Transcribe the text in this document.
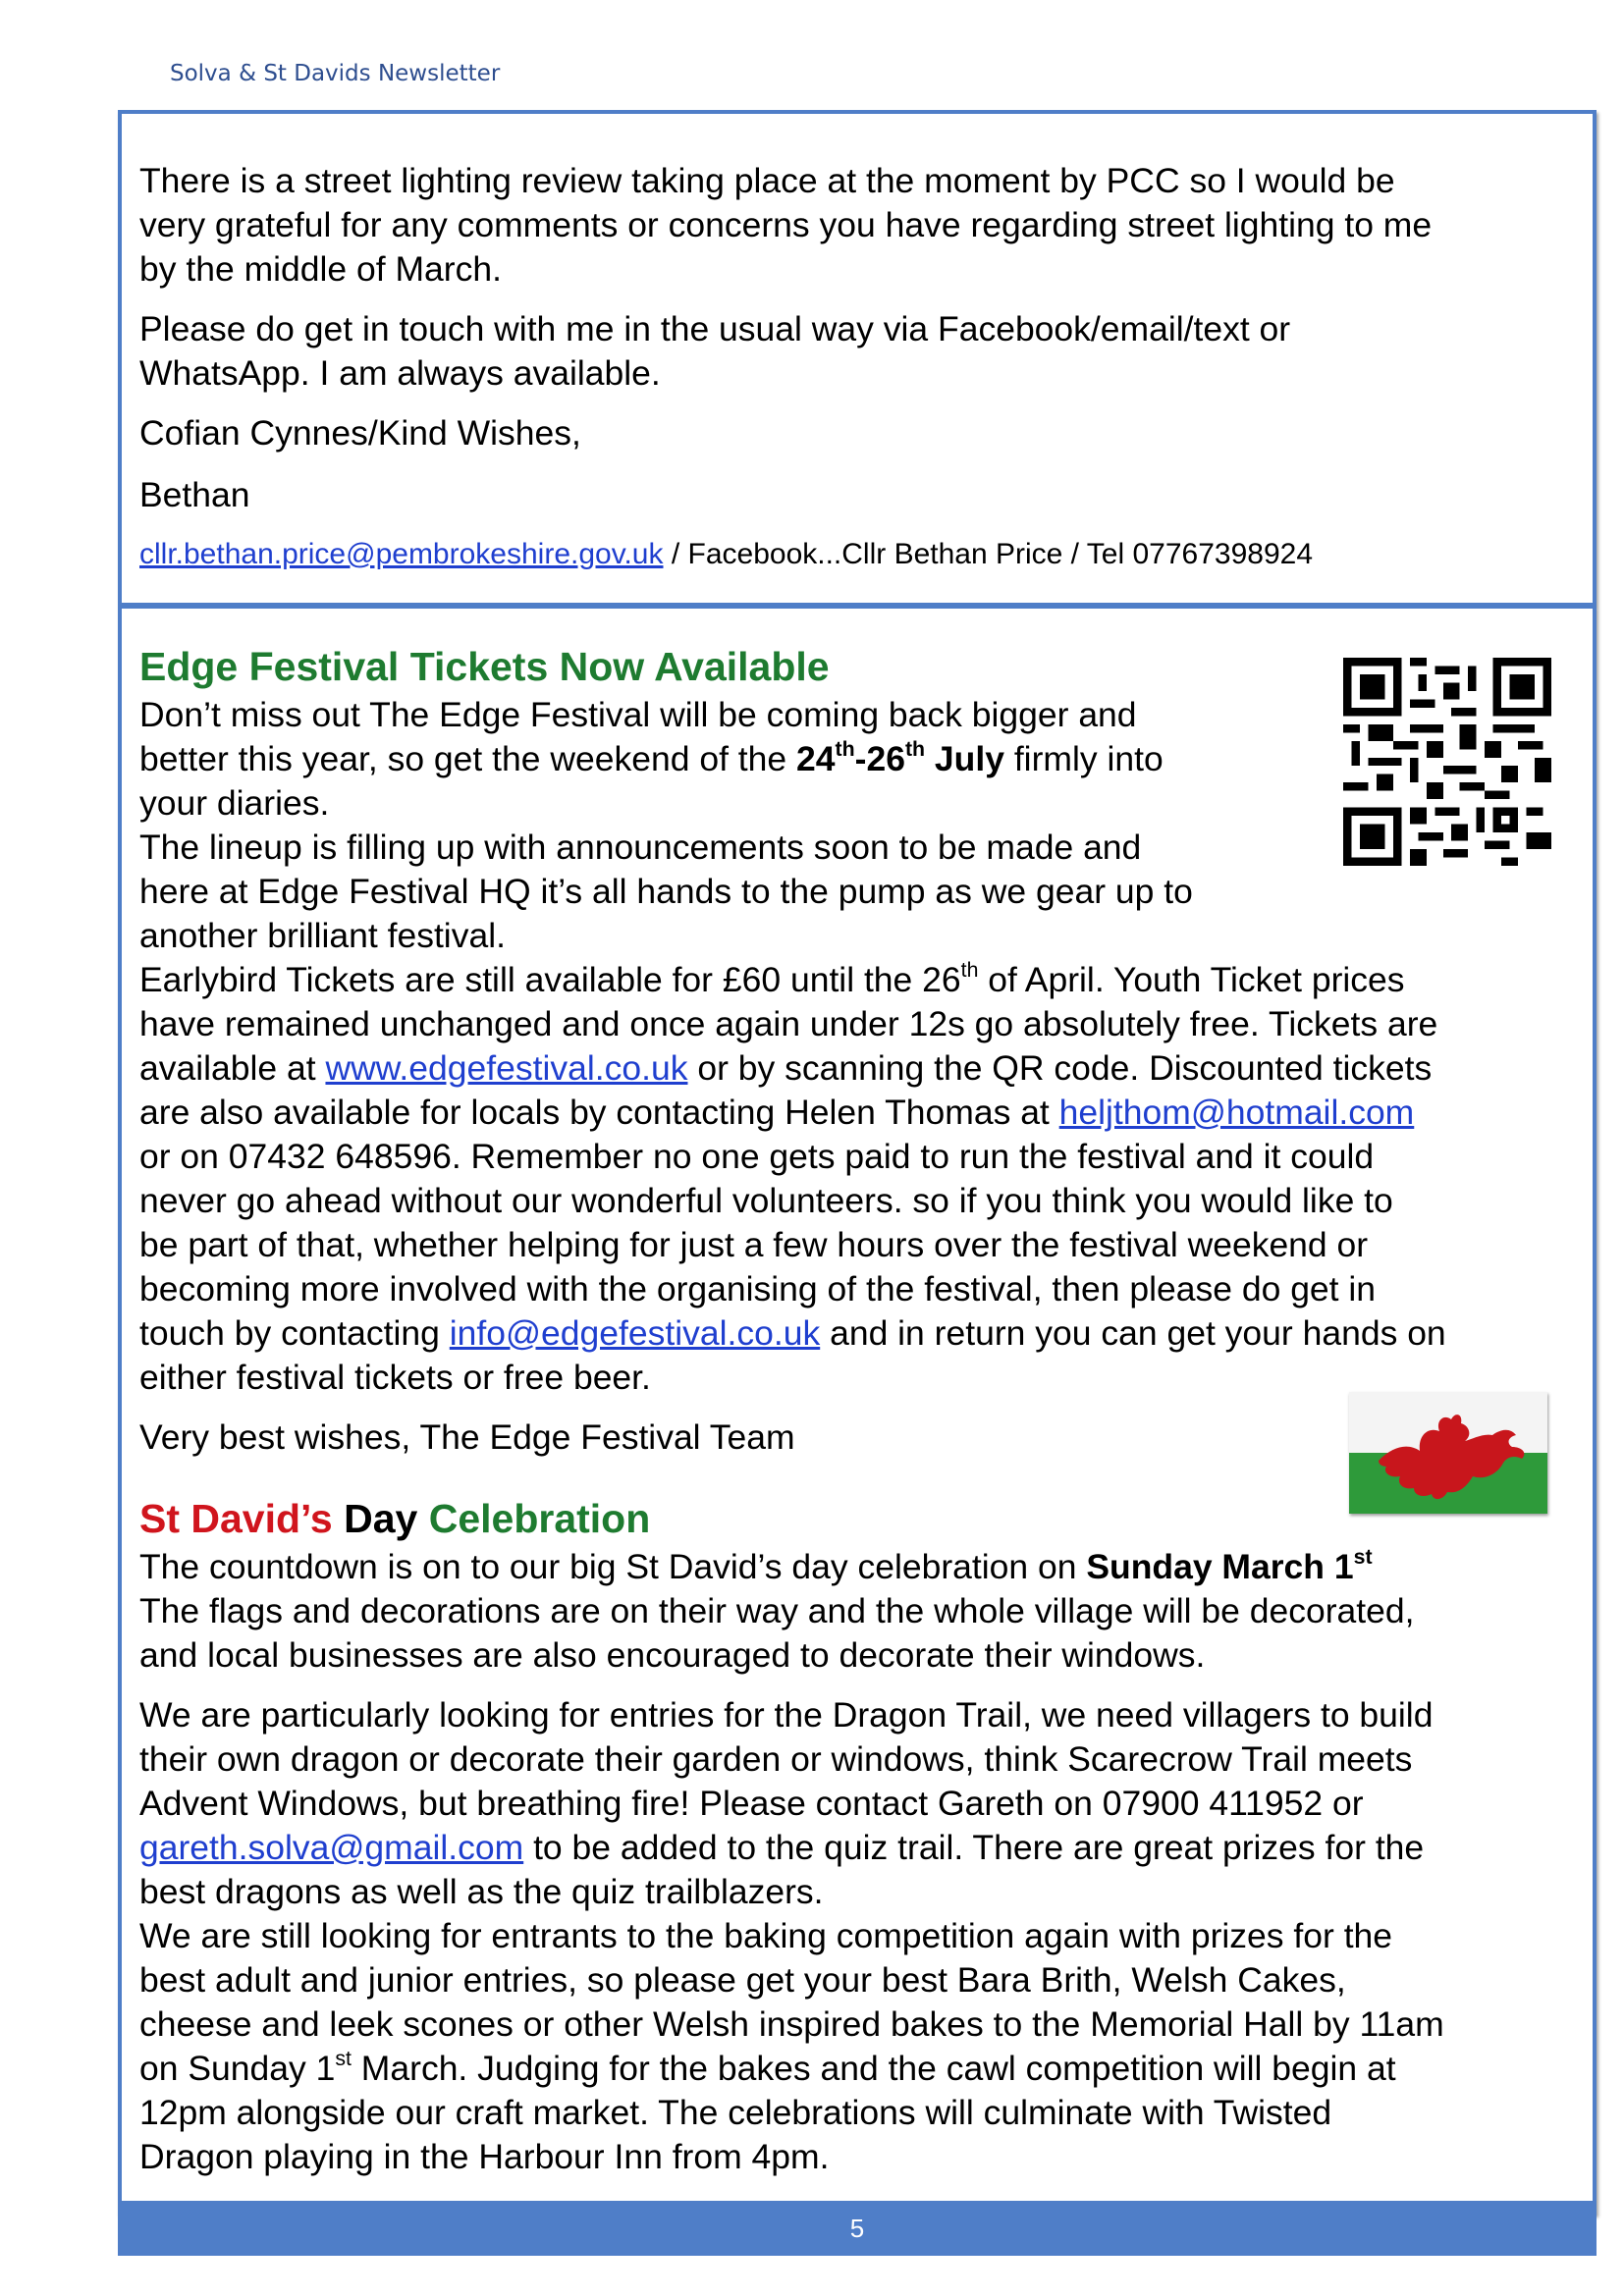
Solva & St Davids Newsletter
There is a street lighting review taking place at the moment by PCC so I would be
very grateful for any comments or concerns you have regarding street lighting to me
by the middle of March.
Please do get in touch with me in the usual way via Facebook/email/text or
WhatsApp. I am always available.
Cofian Cynnes/Kind Wishes,
Bethan
cllr.bethan.price@pembrokeshire.gov.uk / Facebook...Cllr Bethan Price / Tel 07767398924
Edge Festival Tickets Now Available
Don’t miss out The Edge Festival will be coming back bigger and
better this year, so get the weekend of the 24th-26th July firmly into
your diaries.
The lineup is filling up with announcements soon to be made and
here at Edge Festival HQ it’s all hands to the pump as we gear up to
another brilliant festival.
Earlybird Tickets are still available for £60 until the 26th of April. Youth Ticket prices
have remained unchanged and once again under 12s go absolutely free. Tickets are
available at www.edgefestival.co.uk or by scanning the QR code. Discounted tickets
are also available for locals by contacting Helen Thomas at heljthom@hotmail.com
or on 07432 648596. Remember no one gets paid to run the festival and it could
never go ahead without our wonderful volunteers. so if you think you would like to
be part of that, whether helping for just a few hours over the festival weekend or
becoming more involved with the organising of the festival, then please do get in
touch by contacting info@edgefestival.co.uk and in return you can get your hands on
either festival tickets or free beer.
Very best wishes, The Edge Festival Team
St David’s Day Celebration
The countdown is on to our big St David’s day celebration on Sunday March 1st
The flags and decorations are on their way and the whole village will be decorated,
and local businesses are also encouraged to decorate their windows.
We are particularly looking for entries for the Dragon Trail, we need villagers to build
their own dragon or decorate their garden or windows, think Scarecrow Trail meets
Advent Windows, but breathing fire! Please contact Gareth on 07900 411952 or
gareth.solva@gmail.com to be added to the quiz trail. There are great prizes for the
best dragons as well as the quiz trailblazers.
We are still looking for entrants to the baking competition again with prizes for the
best adult and junior entries, so please get your best Bara Brith, Welsh Cakes,
cheese and leek scones or other Welsh inspired bakes to the Memorial Hall by 11am
on Sunday 1st March. Judging for the bakes and the cawl competition will begin at
12pm alongside our craft market. The celebrations will culminate with Twisted
Dragon playing in the Harbour Inn from 4pm.
5
